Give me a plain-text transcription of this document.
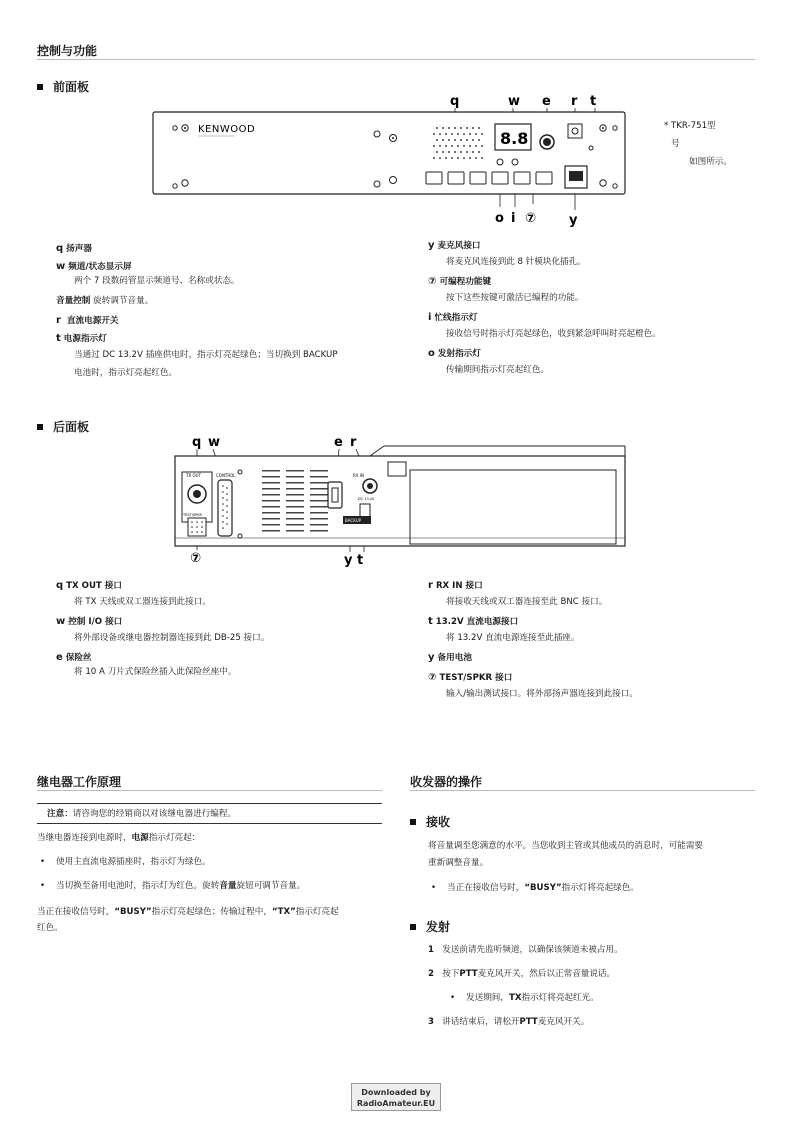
控制与功能
前面板
q	w e r t
KENWOOD	8.8
o i ⑦	y
* TKR-751型
号
如图所示。
q 扬声器
w 频道/状态显示屏
两个 7 段数码管显示频道号、名称或状态。
音量控制 旋转调节音量。
r 直流电源开关
t 电源指示灯
当通过 DC 13.2V 插座供电时，指示灯亮起绿色；当切换到 BACKUP
电池时，指示灯亮起红色。
y 麦克风接口
将麦克风连接到此 8 针模块化插孔。
⑦ 可编程功能键
按下这些按键可激活已编程的功能。
i 忙线指示灯
接收信号时指示灯亮起绿色，收到紧急呼叫时亮起橙色。
o 发射指示灯
传输期间指示灯亮起红色。
后面板
q w	e r
TX OUT
TEST/SPKR
CONTROL	RX IN
DC 13.2V
BACKUP
⑦	y t
q TX OUT 接口
将 TX 天线或双工器连接到此接口。
w 控制 I/O 接口
将外部设备或继电器控制器连接到此 DB-25 接口。
e 保险丝
将 10 A 刀片式保险丝插入此保险丝座中。
r RX IN 接口
将接收天线或双工器连接至此 BNC 接口。
t 13.2V 直流电源接口
将 13.2V 直流电源连接至此插座。
y 备用电池
⑦ TEST/SPKR 接口
输入/输出测试接口。将外部扬声器连接到此接口。
继电器工作原理
注意：请咨询您的经销商以对该继电器进行编程。
当继电器连接到电源时，电源指示灯亮起：
• 使用主直流电源插座时，指示灯为绿色。
• 当切换至备用电池时，指示灯为红色。旋转音量旋钮可调节音量。
当正在接收信号时，“BUSY”指示灯亮起绿色；传输过程中，“TX”指示灯亮起
红色。
收发器的操作
接收
将音量调至您满意的水平。当您收到主管或其他成员的消息时，可能需要
重新调整音量。
• 当正在接收信号时，“BUSY”指示灯将亮起绿色。
发射
1 发送前请先监听频道，以确保该频道未被占用。
2 按下PTT麦克风开关，然后以正常音量说话。
• 发送期间，TX指示灯将亮起红光。
3 讲话结束后，请松开PTT麦克风开关。
Downloaded by
RadioAmateur.EU
